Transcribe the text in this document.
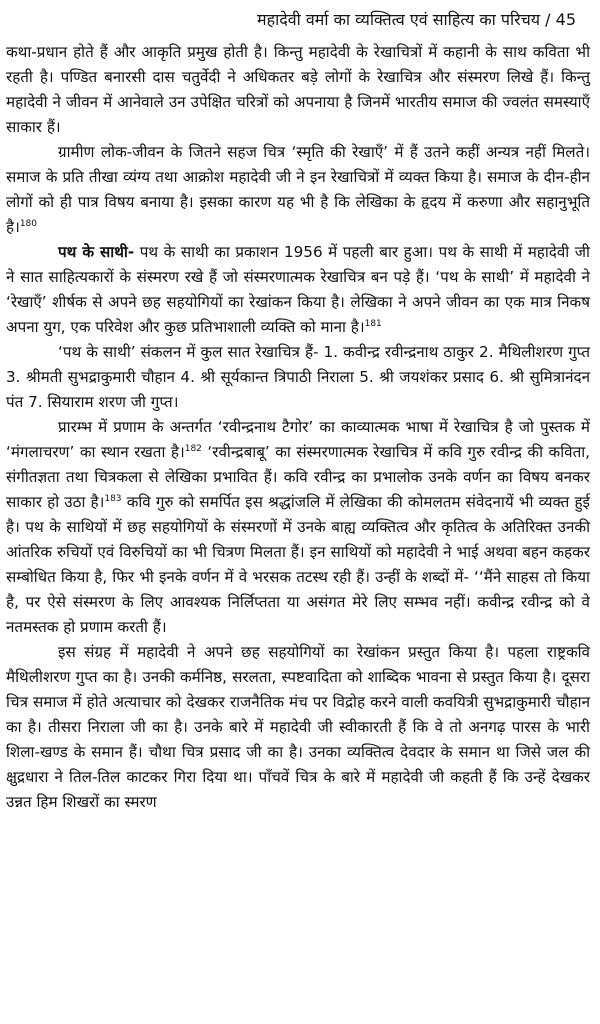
महादेवी वर्मा का व्यक्तित्व एवं साहित्य का परिचय / 45

कथा-प्रधान होते हैं और आकृति प्रमुख होती है। किन्तु महादेवी के रेखाचित्रों में कहानी के साथ कविता भी रहती है। पण्डित बनारसी दास चतुर्वेदी ने अधिकतर बड़े लोगों के रेखाचित्र और संस्मरण लिखे हैं। किन्तु महादेवी ने जीवन में आनेवाले उन उपेक्षित चरित्रों को अपनाया है जिनमें भारतीय समाज की ज्वलंत समस्याएँ साकार हैं।

ग्रामीण लोक-जीवन के जितने सहज चित्र ‘स्मृति की रेखाएँ’ में हैं उतने कहीं अन्यत्र नहीं मिलते। समाज के प्रति तीखा व्यंग्य तथा आक्रोश महादेवी जी ने इन रेखाचित्रों में व्यक्त किया है। समाज के दीन-हीन लोगों को ही पात्र विषय बनाया है। इसका कारण यह भी है कि लेखिका के हृदय में करुणा और सहानुभूति है।$^{180}$

पथ के साथी- पथ के साथी का प्रकाशन 1956 में पहली बार हुआ। पथ के साथी में महादेवी जी ने सात साहित्यकारों के संस्मरण रखे हैं जो संस्मरणात्मक रेखाचित्र बन पड़े हैं। ‘पथ के साथी’ में महादेवी ने ‘रेखाएँ’ शीर्षक से अपने छह सहयोगियों का रेखांकन किया है। लेखिका ने अपने जीवन का एक मात्र निकष अपना युग, एक परिवेश और कुछ प्रतिभाशाली व्यक्ति को माना है।$^{181}$

‘पथ के साथी’ संकलन में कुल सात रेखाचित्र हैं- 1. कवीन्द्र रवीन्द्रनाथ ठाकुर 2. मैथिलीशरण गुप्त 3. श्रीमती सुभद्राकुमारी चौहान 4. श्री सूर्यकान्त त्रिपाठी निराला 5. श्री जयशंकर प्रसाद 6. श्री सुमित्रानंदन पंत 7. सियाराम शरण जी गुप्त।

प्रारम्भ में प्रणाम के अन्तर्गत ‘रवीन्द्रनाथ टैगोर’ का काव्यात्मक भाषा में रेखाचित्र है जो पुस्तक में ‘मंगलाचरण’ का स्थान रखता है।$^{182}$ ‘रवीन्द्रबाबू’ का संस्मरणात्मक रेखाचित्र में कवि गुरु रवीन्द्र की कविता, संगीतज्ञता तथा चित्रकला से लेखिका प्रभावित हैं। कवि रवीन्द्र का प्रभालोक उनके वर्णन का विषय बनकर साकार हो उठा है।$^{183}$ कवि गुरु को समर्पित इस श्रद्धांजलि में लेखिका की कोमलतम संवेदनायें भी व्यक्त हुई है। पथ के साथियों में छह सहयोगियों के संस्मरणों में उनके बाह्य व्यक्तित्व और कृतित्व के अतिरिक्त उनकी आंतरिक रुचियों एवं विरुचियों का भी चित्रण मिलता हैं। इन साथियों को महादेवी ने भाई अथवा बहन कहकर सम्बोधित किया है, फिर भी इनके वर्णन में वे भरसक तटस्थ रही हैं। उन्हीं के शब्दों में- ‘‘मैंने साहस तो किया है, पर ऐसे संस्मरण के लिए आवश्यक निर्लिप्तता या असंगत मेरे लिए सम्भव नहीं। कवीन्द्र रवीन्द्र को वे नतमस्तक हो प्रणाम करती हैं।

इस संग्रह में महादेवी ने अपने छह सहयोगियों का रेखांकन प्रस्तुत किया है। पहला राष्ट्रकवि मैथिलीशरण गुप्त का है। उनकी कर्मनिष्ठ, सरलता, स्पष्टवादिता को शाब्दिक भावना से प्रस्तुत किया है। दूसरा चित्र समाज में होते अत्याचार को देखकर राजनैतिक मंच पर विद्रोह करने वाली कवयित्री सुभद्राकुमारी चौहान का है। तीसरा निराला जी का है। उनके बारे में महादेवी जी स्वीकारती हैं कि वे तो अनगढ़ पारस के भारी शिला-खण्ड के समान हैं। चौथा चित्र प्रसाद जी का है। उनका व्यक्तित्व देवदार के समान था जिसे जल की क्षुद्रधारा ने तिल-तिल काटकर गिरा दिया था। पाँचवें चित्र के बारे में महादेवी जी कहती हैं कि उन्हें देखकर उन्नत हिम शिखरों का स्मरण
